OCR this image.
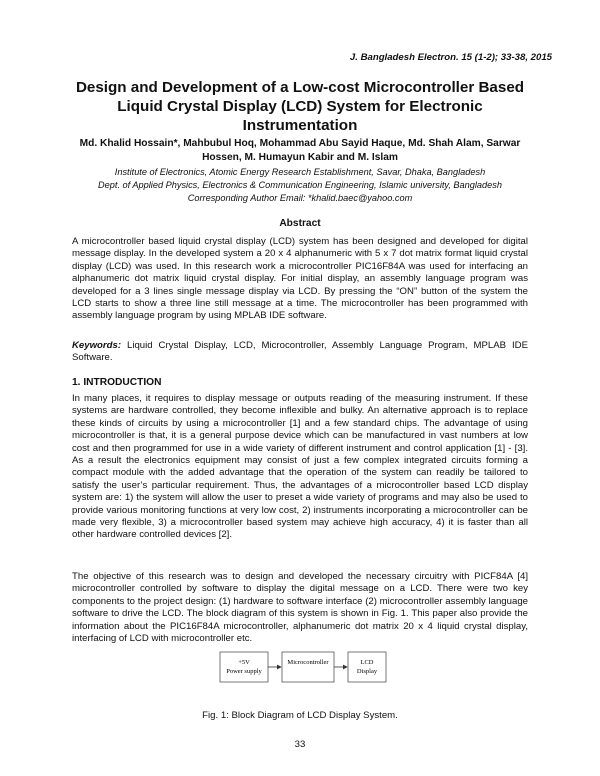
J. Bangladesh Electron. 15 (1-2); 33-38, 2015
Design and Development of a Low-cost Microcontroller Based Liquid Crystal Display (LCD) System for Electronic Instrumentation
Md. Khalid Hossain*, Mahbubul Hoq, Mohammad Abu Sayid Haque, Md. Shah Alam, Sarwar Hossen, M. Humayun Kabir and M. Islam
Institute of Electronics, Atomic Energy Research Establishment, Savar, Dhaka, Bangladesh
Dept. of Applied Physics, Electronics & Communication Engineering, Islamic university, Bangladesh
Corresponding Author Email: *khalid.baec@yahoo.com
Abstract

A microcontroller based liquid crystal display (LCD) system has been designed and developed for digital message display. In the developed system a 20 x 4 alphanumeric with 5 x 7 dot matrix format liquid crystal display (LCD) was used. In this research work a microcontroller PIC16F84A was used for interfacing an alphanumeric dot matrix liquid crystal display. For initial display, an assembly language program was developed for a 3 lines single message display via LCD. By pressing the “ON” button of the system the LCD starts to show a three line still message at a time. The microcontroller has been programmed with assembly language program by using MPLAB IDE software.

Keywords: Liquid Crystal Display, LCD, Microcontroller, Assembly Language Program, MPLAB IDE Software.

1. INTRODUCTION

In many places, it requires to display message or outputs reading of the measuring instrument. If these systems are hardware controlled, they become inflexible and bulky. An alternative approach is to replace these kinds of circuits by using a microcontroller [1] and a few standard chips. The advantage of using microcontroller is that, it is a general purpose device which can be manufactured in vast numbers at low cost and then programmed for use in a wide variety of different instrument and control application [1] - [3]. As a result the electronics equipment may consist of just a few complex integrated circuits forming a compact module with the added advantage that the operation of the system can readily be tailored to satisfy the user’s particular requirement. Thus, the advantages of a microcontroller based LCD display system are: 1) the system will allow the user to preset a wide variety of programs and may also be used to provide various monitoring functions at very low cost, 2) instruments incorporating a microcontroller can be made very flexible, 3) a microcontroller based system may achieve high accuracy, 4) it is faster than all other hardware controlled devices [2].

The objective of this research was to design and developed the necessary circuitry with PICF84A [4] microcontroller controlled by software to display the digital message on a LCD. There were two key components to the project design: (1) hardware to software interface (2) microcontroller assembly language software to drive the LCD. The block diagram of this system is shown in Fig. 1. This paper also provide the information about the PIC16F84A microcontroller, alphanumeric dot matrix 20 x 4 liquid crystal display, interfacing of LCD with microcontroller etc.

+5V
Power supply
Microcontroller	LCD
Display
Fig. 1: Block Diagram of LCD Display System.
33
